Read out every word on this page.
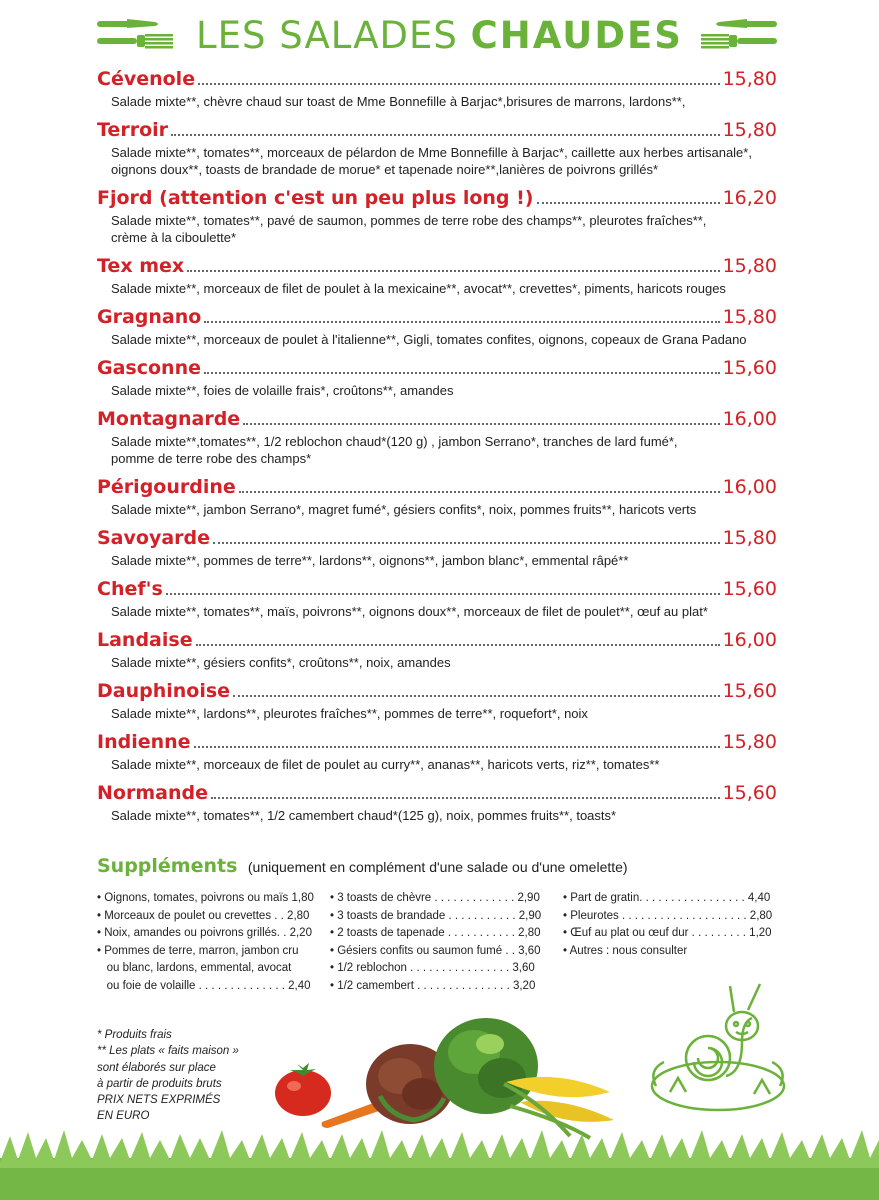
LES SALADES CHAUDES
Cévenole	15,80
Salade mixte**, chèvre chaud sur toast de Mme Bonnefille à Barjac*,brisures de marrons, lardons**,
Terroir	15,80
Salade mixte**, tomates**, morceaux de pélardon de Mme Bonnefille à Barjac*, caillette aux herbes artisanale*,
oignons doux**, toasts de brandade de morue* et tapenade noire**,lanières de poivrons grillés*
Fjord (attention c'est un peu plus long !)	16,20
Salade mixte**, tomates**, pavé de saumon, pommes de terre robe des champs**, pleurotes fraîches**,
crème à la ciboulette*
Tex mex	15,80
Salade mixte**, morceaux de filet de poulet à la mexicaine**, avocat**, crevettes*, piments, haricots rouges
Gragnano	15,80
Salade mixte**, morceaux de poulet à l'italienne**, Gigli, tomates confites, oignons, copeaux de Grana Padano
Gasconne	15,60
Salade mixte**, foies de volaille frais*, croûtons**, amandes
Montagnarde	16,00
Salade mixte**,tomates**, 1/2 reblochon chaud*(120 g) , jambon Serrano*, tranches de lard fumé*,
pomme de terre robe des champs*
Périgourdine	16,00
Salade mixte**, jambon Serrano*, magret fumé*, gésiers confits*, noix, pommes fruits**, haricots verts
Savoyarde	15,80
Salade mixte**, pommes de terre**, lardons**, oignons**, jambon blanc*, emmental râpé**
Chef's	15,60
Salade mixte**, tomates**, maïs, poivrons**, oignons doux**, morceaux de filet de poulet**, œuf au plat*
Landaise	16,00
Salade mixte**, gésiers confits*, croûtons**, noix, amandes
Dauphinoise	15,60
Salade mixte**, lardons**, pleurotes fraîches**, pommes de terre**, roquefort*, noix
Indienne	15,80
Salade mixte**, morceaux de filet de poulet au curry**, ananas**, haricots verts, riz**, tomates**
Normande	15,60
Salade mixte**, tomates**, 1/2 camembert chaud*(125 g), noix, pommes fruits**, toasts*
Suppléments (uniquement en complément d'une salade ou d'une omelette)
• Oignons, tomates, poivrons ou maïs 1,80
• Morceaux de poulet ou crevettes . . 2,80
• Noix, amandes ou poivrons grillés. . 2,20
• Pommes de terre, marron, jambon cru
ou blanc, lardons, emmental, avocat
ou foie de volaille . . . . . . . . . . . . . . 2,40
• 3 toasts de chèvre . . . . . . . . . . . . . 2,90
• 3 toasts de brandade . . . . . . . . . . . 2,90
• 2 toasts de tapenade . . . . . . . . . . . 2,80
• Gésiers confits ou saumon fumé . . 3,60
• 1/2 reblochon . . . . . . . . . . . . . . . . 3,60
• 1/2 camembert . . . . . . . . . . . . . . . 3,20
• Part de gratin. . . . . . . . . . . . . . . . . 4,40
• Pleurotes . . . . . . . . . . . . . . . . . . . . 2,80
• Œuf au plat ou œuf dur . . . . . . . . . 1,20
• Autres : nous consulter
* Produits frais
** Les plats « faits maison »
sont élaborés sur place
à partir de produits bruts
PRIX NETS EXPRIMÉS
EN EURO
